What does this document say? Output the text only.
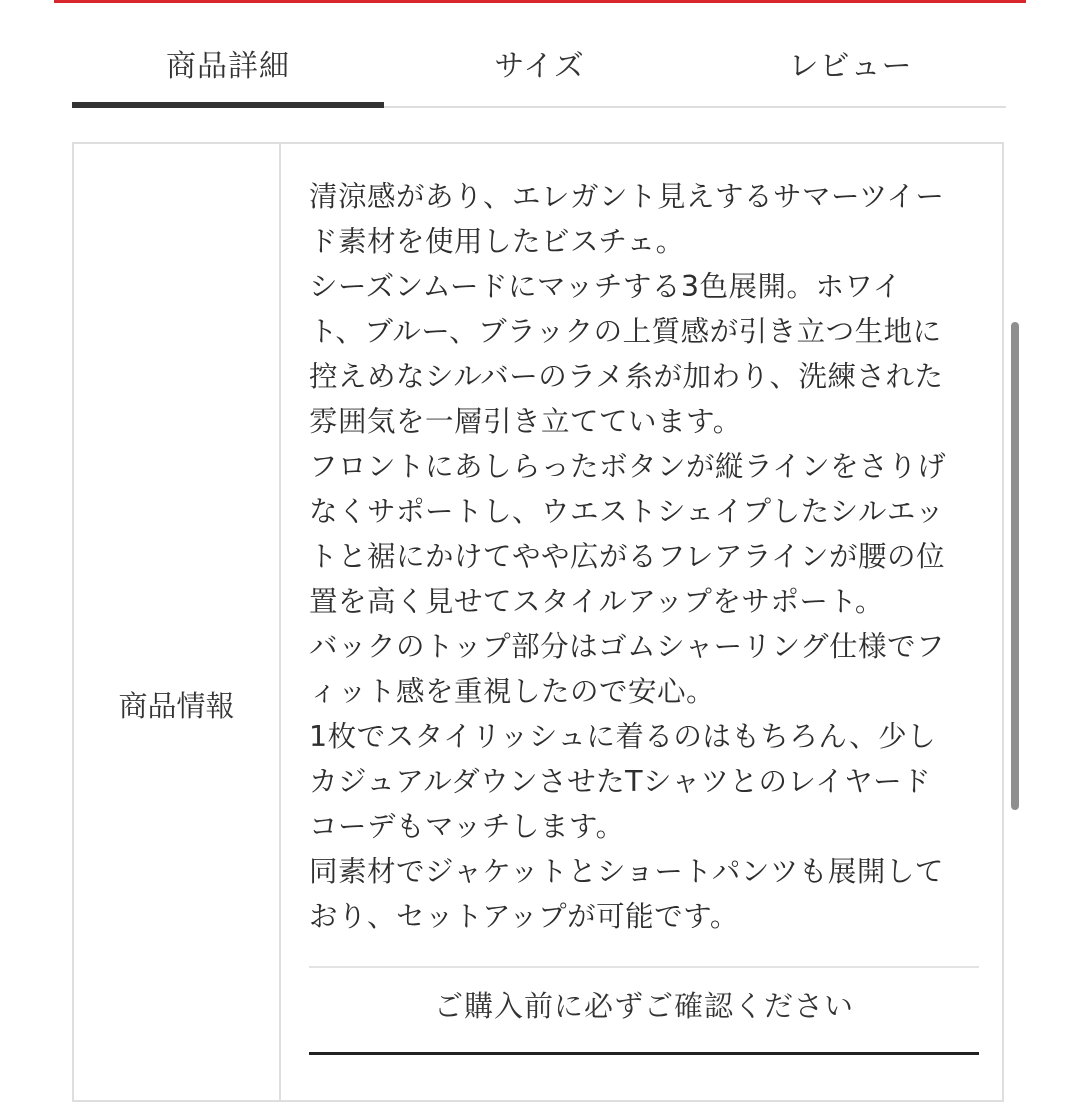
商品詳細	サイズ	レビュー
商品情報

清涼感があり、エレガント見えするサマーツイー

ド素材を使用したビスチェ。

シーズンムードにマッチする3色展開。ホワイ

ト、ブルー、ブラックの上質感が引き立つ生地に

控えめなシルバーのラメ糸が加わり、洗練された

雰囲気を一層引き立てています。

フロントにあしらったボタンが縦ラインをさりげ

なくサポートし、ウエストシェイプしたシルエッ

トと裾にかけてやや広がるフレアラインが腰の位

置を高く見せてスタイルアップをサポート。

バックのトップ部分はゴムシャーリング仕様でフ

ィット感を重視したので安心。

1枚でスタイリッシュに着るのはもちろん、少し

カジュアルダウンさせたTシャツとのレイヤード

コーデもマッチします。

同素材でジャケットとショートパンツも展開して

おり、セットアップが可能です。

ご購入前に必ずご確認ください
